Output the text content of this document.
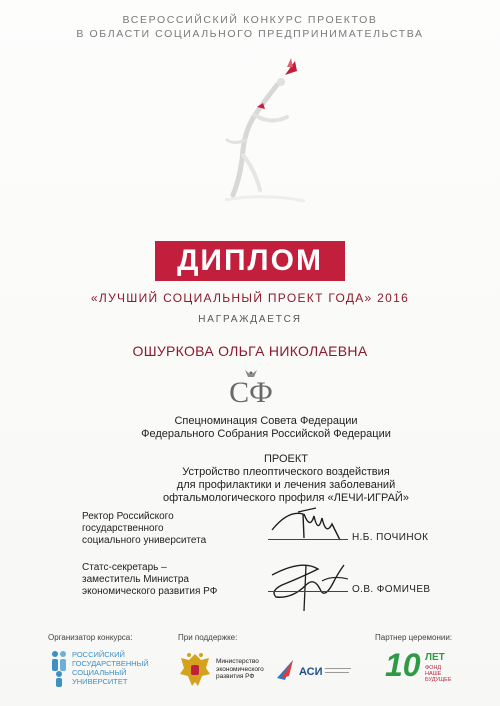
ВСЕРОССИЙСКИЙ КОНКУРС ПРОЕКТОВ
В ОБЛАСТИ СОЦИАЛЬНОГО ПРЕДПРИНИМАТЕЛЬСТВА
ДИПЛОМ
«ЛУЧШИЙ СОЦИАЛЬНЫЙ ПРОЕКТ ГОДА» 2016
НАГРАЖДАЕТСЯ
ОШУРКОВА ОЛЬГА НИКОЛАЕВНА
СФ
Спецноминация Совета Федерации
Федерального Собрания Российской Федерации
ПРОЕКТ
Устройство плеоптического воздействия
для профилактики и лечения заболеваний
офтальмологического профиля «ЛЕЧИ-ИГРАЙ»
Ректор Российского
государственного
социального университета	Н.Б. ПОЧИНОК
Статс-секретарь –
заместитель Министра
экономического развития РФ	О.В. ФОМИЧЕВ
Организатор конкурса:	При поддержке:	Партнер церемонии:
РОССИЙСКИЙ
ГОСУДАРСТВЕННЫЙ
СОЦИАЛЬНЫЙ
УНИВЕРСИТЕТ
Министерство
экономического
развития РФ	АСИ 10 ЛЕТ
ФОНД
НАШЕ
БУДУЩЕЕ
